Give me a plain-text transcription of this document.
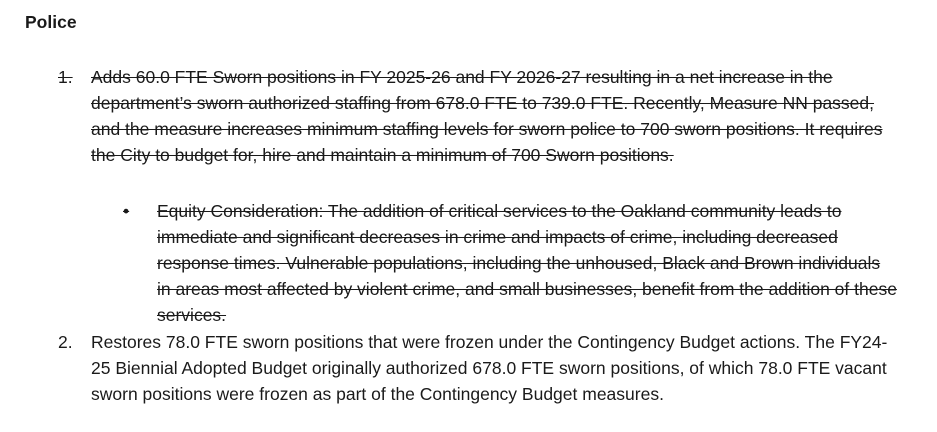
Police
1.	Adds 60.0 FTE Sworn positions in FY 2025-26 and FY 2026-27 resulting in a net increase in the department’s sworn authorized staffing from 678.0 FTE to 739.0 FTE. Recently, Measure NN passed, and the measure increases minimum staffing levels for sworn police to 700 sworn positions. It requires the City to budget for, hire and maintain a minimum of 700 Sworn positions.
•	Equity Consideration: The addition of critical services to the Oakland community leads to immediate and significant decreases in crime and impacts of crime, including decreased response times. Vulnerable populations, including the unhoused, Black and Brown individuals in areas most affected by violent crime, and small businesses, benefit from the addition of these services.
2.	Restores 78.0 FTE sworn positions that were frozen under the Contingency Budget actions. The FY24-25 Biennial Adopted Budget originally authorized 678.0 FTE sworn positions, of which 78.0 FTE vacant sworn positions were frozen as part of the Contingency Budget measures.
